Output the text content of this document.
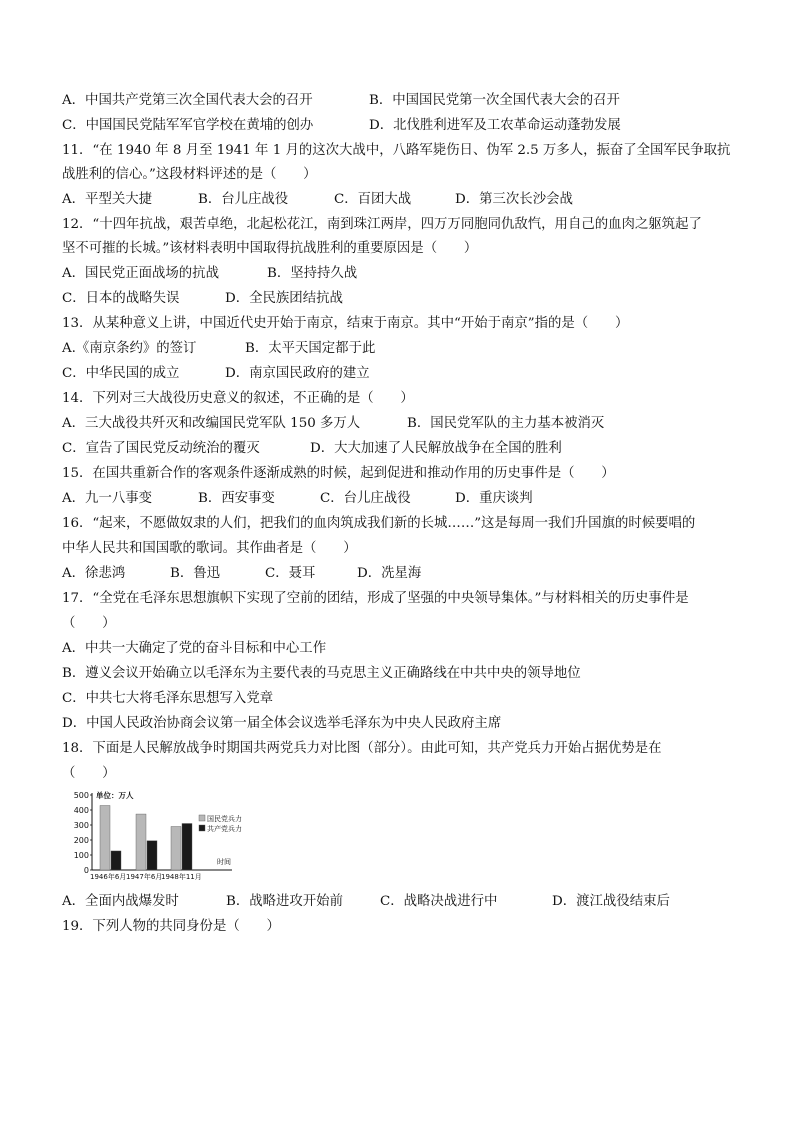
A．中国共产党第三次全国代表大会的召开	B．中国国民党第一次全国代表大会的召开
C．中国国民党陆军军官学校在黄埔的创办	D．北伐胜利进军及工农革命运动蓬勃发展
11．“在 1940 年 8 月至 1941 年 1 月的这次大战中，八路军毙伤日、伪军 2.5 万多人，振奋了全国军民争取抗
战胜利的信心。”这段材料评述的是（　　）
A．平型关大捷	B．台儿庄战役	C．百团大战	D．第三次长沙会战
12．“十四年抗战，艰苦卓绝，北起松花江，南到珠江两岸，四万万同胞同仇敌忾，用自己的血肉之躯筑起了
坚不可摧的长城。”该材料表明中国取得抗战胜利的重要原因是（　　）
A．国民党正面战场的抗战	B．坚持持久战
C．日本的战略失误	D．全民族团结抗战
13．从某种意义上讲，中国近代史开始于南京，结束于南京。其中“开始于南京”指的是（　　）
A.《南京条约》的签订	B．太平天国定都于此
C．中华民国的成立	D．南京国民政府的建立
14．下列对三大战役历史意义的叙述，不正确的是（　　）
A．三大战役共歼灭和改编国民党军队 150 多万人	B．国民党军队的主力基本被消灭
C．宣告了国民党反动统治的覆灭	D．大大加速了人民解放战争在全国的胜利
15．在国共重新合作的客观条件逐渐成熟的时候，起到促进和推动作用的历史事件是（　　）
A．九一八事变	B．西安事变	C．台儿庄战役	D．重庆谈判
16．“起来，不愿做奴隶的人们，把我们的血肉筑成我们新的长城……”这是每周一我们升国旗的时候要唱的
中华人民共和国国歌的歌词。其作曲者是（　　）
A．徐悲鸿	B．鲁迅	C．聂耳	D．冼星海
17．“全党在毛泽东思想旗帜下实现了空前的团结，形成了坚强的中央领导集体。”与材料相关的历史事件是
（　　）
A．中共一大确定了党的奋斗目标和中心工作
B．遵义会议开始确立以毛泽东为主要代表的马克思主义正确路线在中共中央的领导地位
C．中共七大将毛泽东思想写入党章
D．中国人民政治协商会议第一届全体会议选举毛泽东为中央人民政府主席
18．下面是人民解放战争时期国共两党兵力对比图（部分）。由此可知，共产党兵力开始占据优势是在
（　　）
500
400
300
200
100
0
单位：万人
1946年6月 1947年6月
1948年11月
时间
国民党兵力
共产党兵力
A．全面内战爆发时	B．战略进攻开始前	C．战略决战进行中	D．渡江战役结束后
19．下列人物的共同身份是（　　）
